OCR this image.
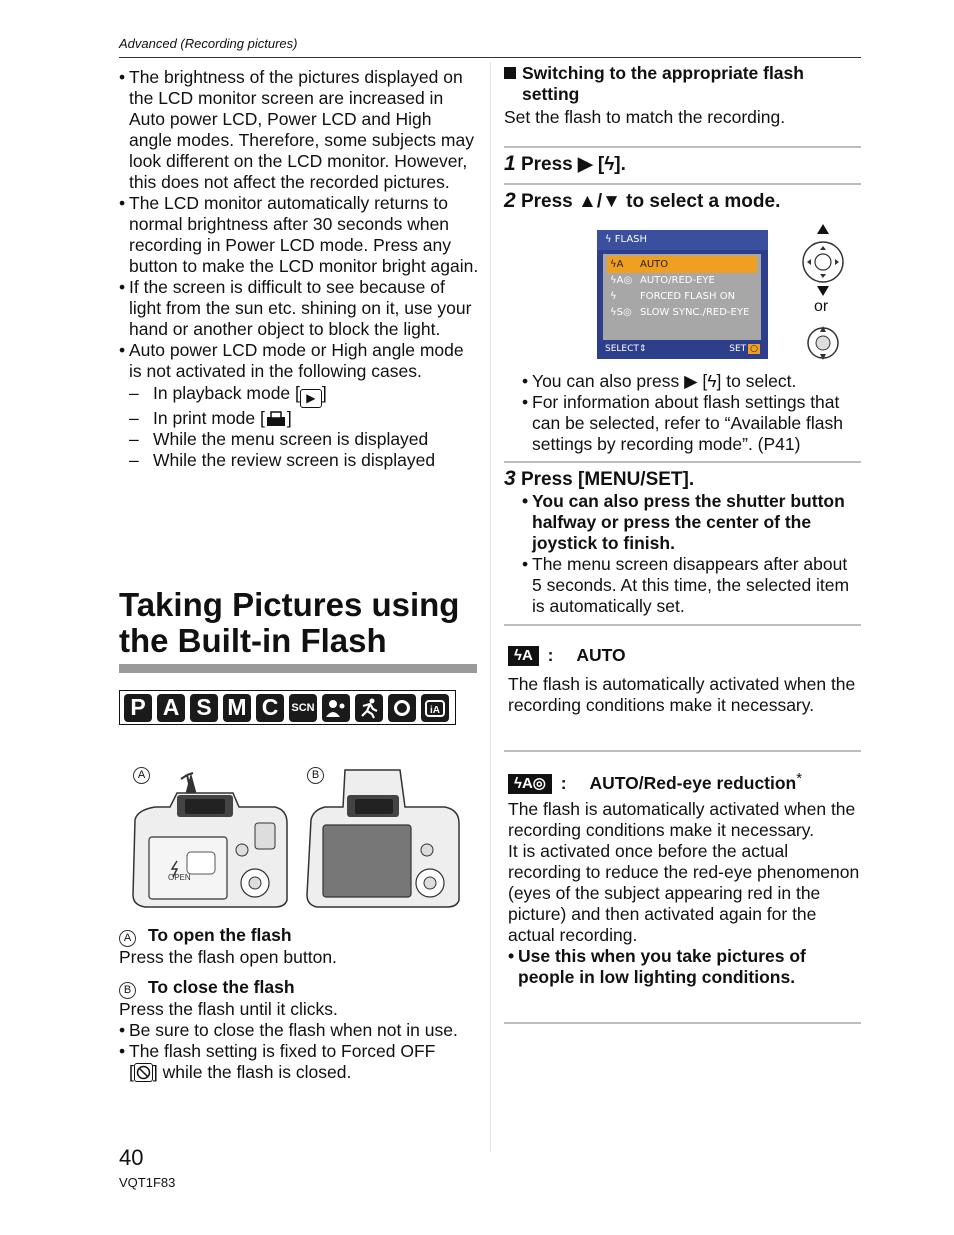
Advanced (Recording pictures)
• The brightness of the pictures displayed on the LCD monitor screen are increased in Auto power LCD, Power LCD and High angle modes. Therefore, some subjects may look different on the LCD monitor. However, this does not affect the recorded pictures.
• The LCD monitor automatically returns to normal brightness after 30 seconds when recording in Power LCD mode. Press any button to make the LCD monitor bright again.
• If the screen is difficult to see because of light from the sun etc. shining on it, use your hand or another object to block the light.
• Auto power LCD mode or High angle mode is not activated in the following cases.
– In playback mode [ ▶ ]
– In print mode [ ]
– While the menu screen is displayed
– While the review screen is displayed
Taking Pictures using
the Built-in Flash
P A S M C	SCN	iA
A	B
OPEN
A To open the flash
Press the flash open button.
B To close the flash
Press the flash until it clicks.
• Be sure to close the flash when not in use.
• The flash setting is fixed to Forced OFF
[ ] while the flash is closed.
Switching to the appropriate flash
setting
Set the flash to match the recording.
1 Press ▶ [ϟ].
2 Press ▲/▼ to select a mode.
ϟ FLASH
ϟA AUTO
ϟA◎ AUTO/RED-EYE
ϟ FORCED FLASH ON
ϟS◎ SLOW SYNC./RED-EYE
SELECT⇕	SET ○
or
• You can also press ▶ [ϟ] to select.
• For information about flash settings that can be selected, refer to “Available flash settings by recording mode”. (P41)
3 Press [MENU/SET].
• You can also press the shutter button halfway or press the center of the joystick to finish.
• The menu screen disappears after about 5 seconds. At this time, the selected item is automatically set.
ϟA : AUTO
The flash is automatically activated when the recording conditions make it necessary.
ϟA◎ : AUTO/Red-eye reduction*
The flash is automatically activated when the recording conditions make it necessary.
It is activated once before the actual recording to reduce the red-eye phenomenon (eyes of the subject appearing red in the picture) and then activated again for the actual recording.
• Use this when you take pictures of people in low lighting conditions.
40
VQT1F83
